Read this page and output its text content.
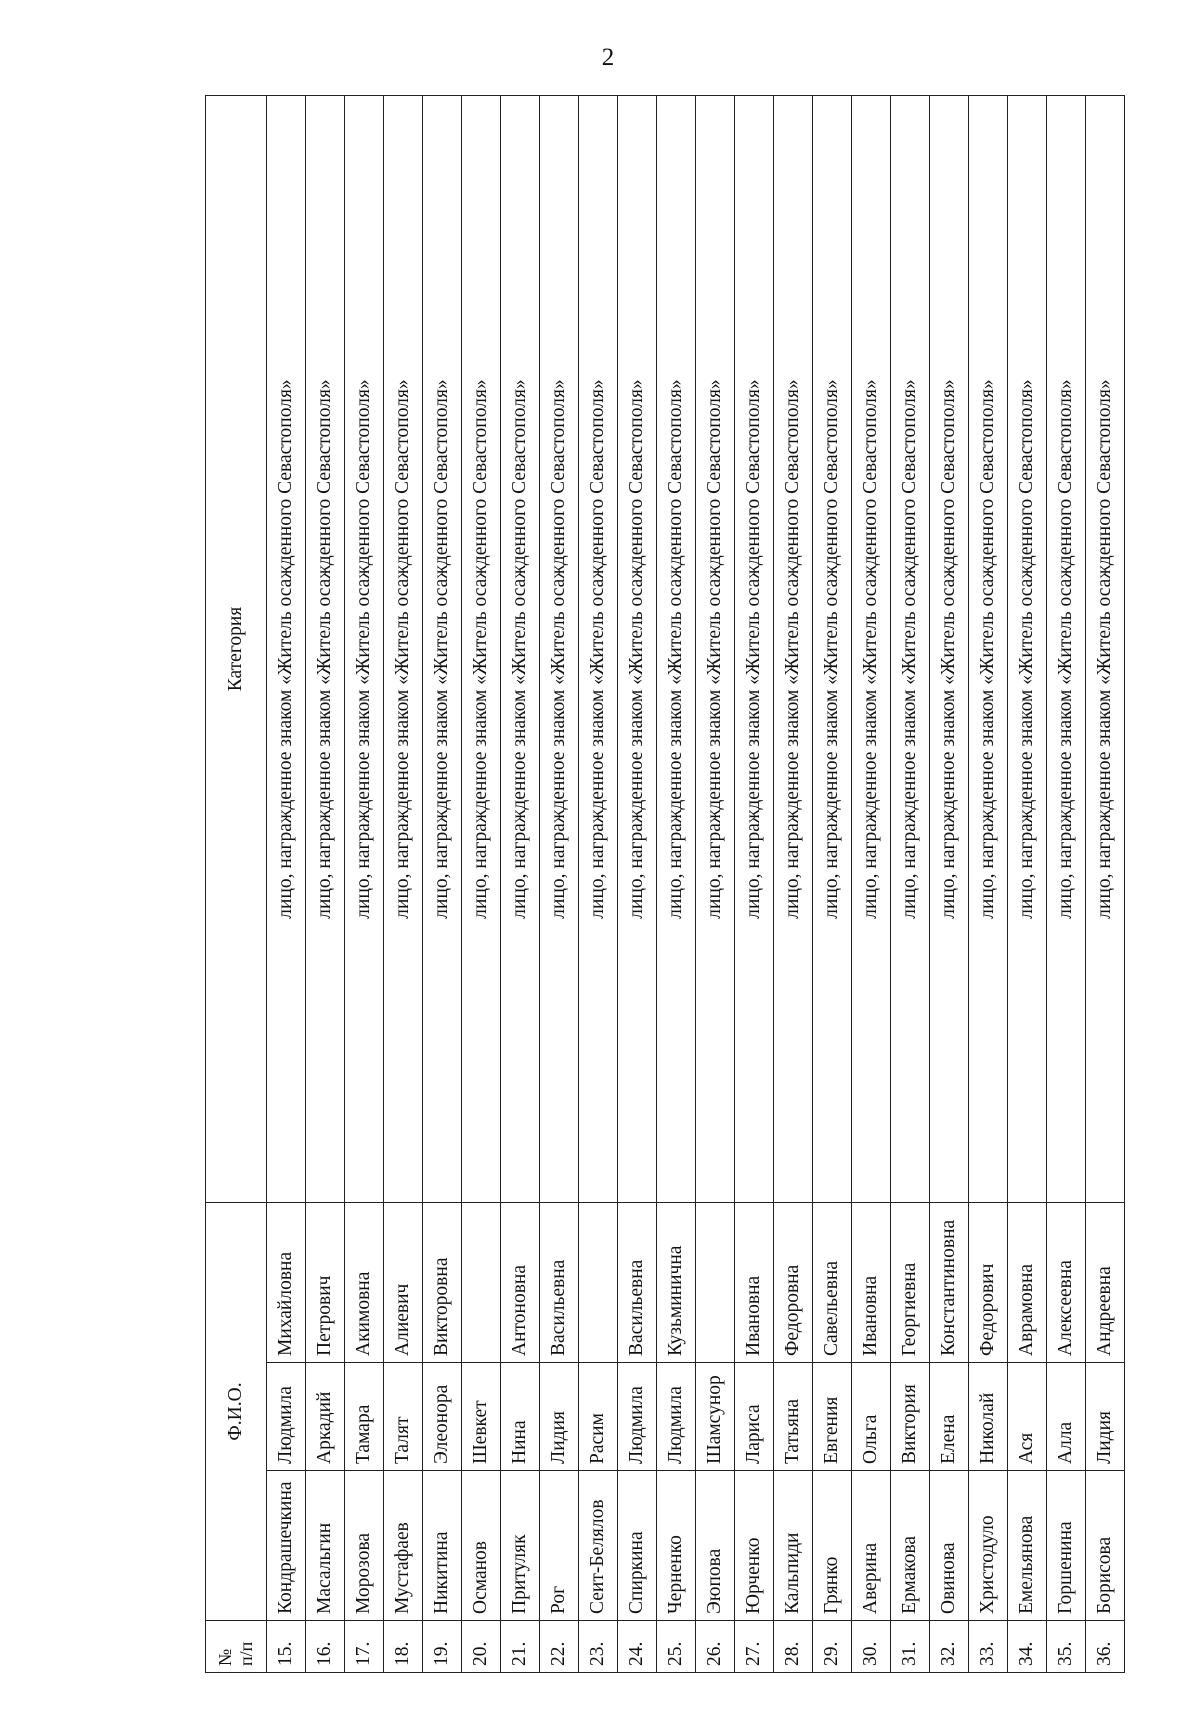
2
№
п/п	Ф.И.О.			Категория
15.	Кондрашечкина	Людмила	Михайловна	лицо, награжденное знаком «Житель осажденного Севастополя»
16.	Масальгин	Аркадий	Петрович	лицо, награжденное знаком «Житель осажденного Севастополя»
17.	Морозова	Тамара	Акимовна	лицо, награжденное знаком «Житель осажденного Севастополя»
18.	Мустафаев	Талят	Алиевич	лицо, награжденное знаком «Житель осажденного Севастополя»
19.	Никитина	Элеонора	Викторовна	лицо, награжденное знаком «Житель осажденного Севастополя»
20.	Османов	Шевкет		лицо, награжденное знаком «Житель осажденного Севастополя»
21.	Притуляк	Нина	Антоновна	лицо, награжденное знаком «Житель осажденного Севастополя»
22.	Рог	Лидия	Васильевна	лицо, награжденное знаком «Житель осажденного Севастополя»
23.	Сеит-Белялов	Расим		лицо, награжденное знаком «Житель осажденного Севастополя»
24.	Спиркина	Людмила	Васильевна	лицо, награжденное знаком «Житель осажденного Севастополя»
25.	Черненко	Людмила	Кузьминична	лицо, награжденное знаком «Житель осажденного Севастополя»
26.	Эюпова	Шамсунор		лицо, награжденное знаком «Житель осажденного Севастополя»
27.	Юрченко	Лариса	Ивановна	лицо, награжденное знаком «Житель осажденного Севастополя»
28.	Кальпиди	Татьяна	Федоровна	лицо, награжденное знаком «Житель осажденного Севастополя»
29.	Грянко	Евгения	Савельевна	лицо, награжденное знаком «Житель осажденного Севастополя»
30.	Аверина	Ольга	Ивановна	лицо, награжденное знаком «Житель осажденного Севастополя»
31.	Ермакова	Виктория	Георгиевна	лицо, награжденное знаком «Житель осажденного Севастополя»
32.	Овинова	Елена	Константиновна	лицо, награжденное знаком «Житель осажденного Севастополя»
33.	Христодуло	Николай	Федорович	лицо, награжденное знаком «Житель осажденного Севастополя»
34.	Емельянова	Ася	Аврамовна	лицо, награжденное знаком «Житель осажденного Севастополя»
35.	Горшенина	Алла	Алексеевна	лицо, награжденное знаком «Житель осажденного Севастополя»
36.	Борисова	Лидия	Андреевна	лицо, награжденное знаком «Житель осажденного Севастополя»
